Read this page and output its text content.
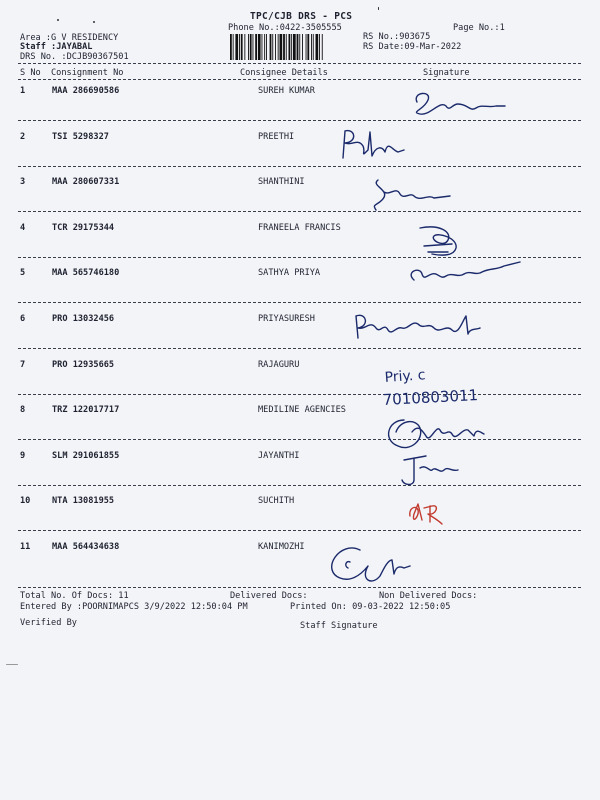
TPC/CJB DRS - PCS
Phone No.:0422-3505555	Page No.:1
Area :G V RESIDENCY
Staff :JAYABAL
DRS No. :DCJB90367501
RS No.:903675
RS Date:09-Mar-2022
S No Consignment No	Consignee Details	Signature
1	MAA 286690586	SUREH KUMAR
2	TSI 5298327	PREETHI
3	MAA 280607331	SHANTHINI
4	TCR 29175344	FRANEELA FRANCIS
5	MAA 565746180	SATHYA PRIYA
6	PRO 13032456	PRIYASURESH
7	PRO 12935665	RAJAGURU
8	TRZ 122017717	MEDILINE AGENCIES
9	SLM 291061855	JAYANTHI
10	NTA 13081955	SUCHITH
11	MAA 564434638	KANIMOZHI
Priy. c
7010803011
Total No. Of Docs: 11	Delivered Docs:	Non Delivered Docs:
Entered By :POORNIMAPCS 3/9/2022 12:50:04 PM	Printed On: 09-03-2022 12:50:05
Verified By	Staff Signature
